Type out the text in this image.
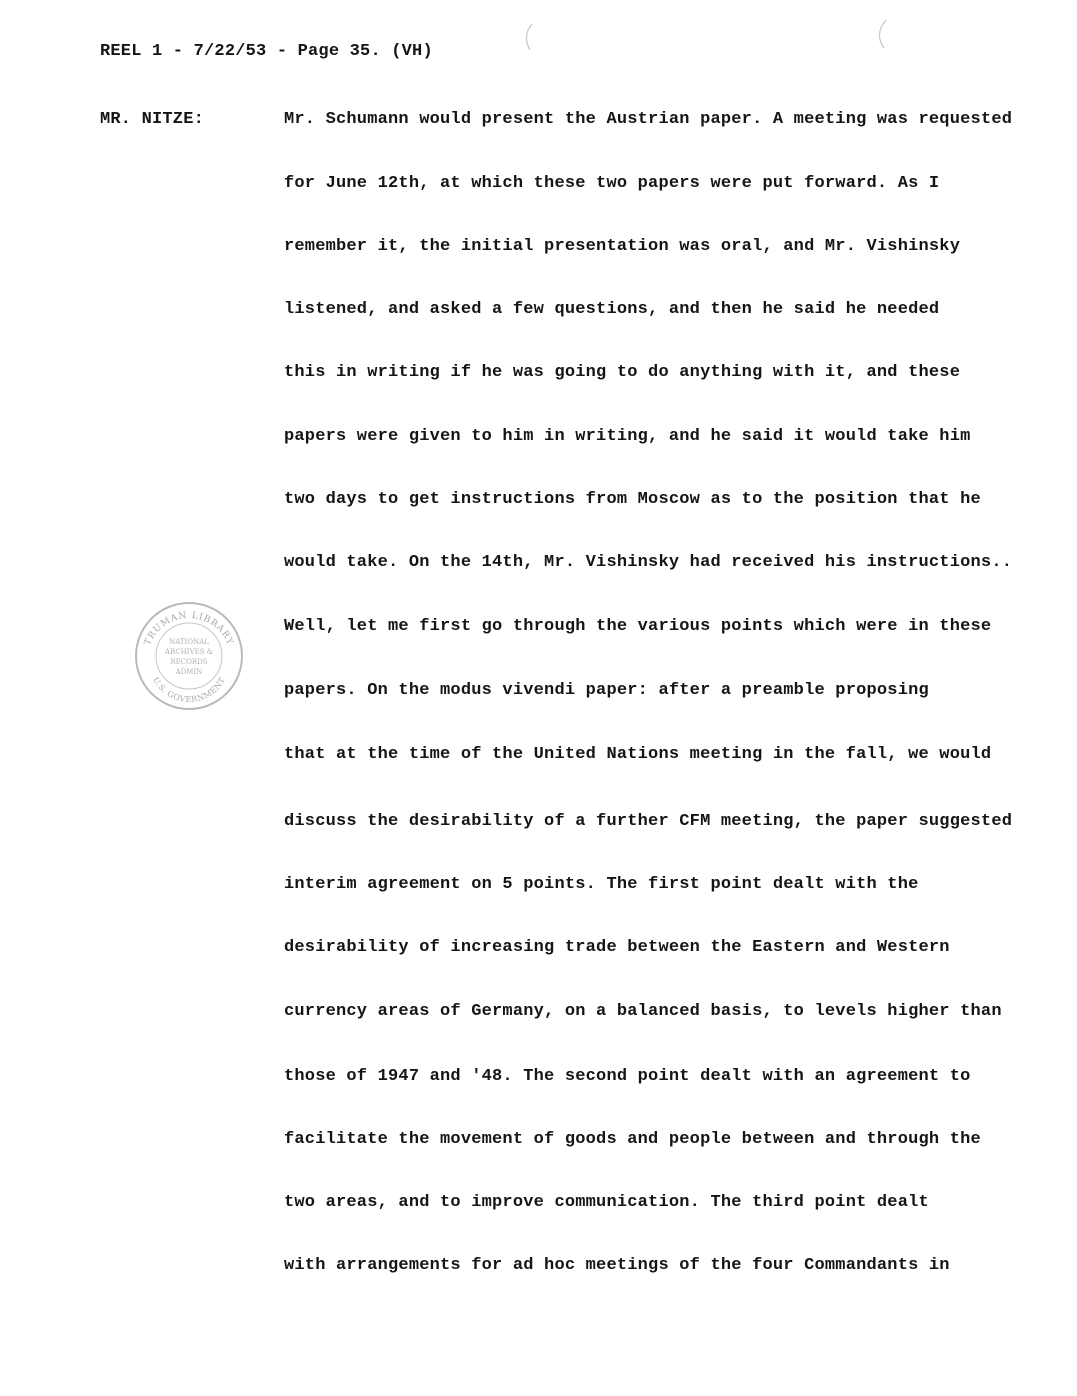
REEL 1 - 7/22/53 - Page 35. (VH)
MR. NITZE:	Mr. Schumann would present the Austrian paper. A meeting was requested
for June 12th, at which these two papers were put forward. As I
remember it, the initial presentation was oral, and Mr. Vishinsky
listened, and asked a few questions, and then he said he needed
this in writing if he was going to do anything with it, and these
papers were given to him in writing, and he said it would take him
two days to get instructions from Moscow as to the position that he
would take. On the 14th, Mr. Vishinsky had received his instructions..
Well, let me first go through the various points which were in these
papers. On the modus vivendi paper: after a preamble proposing
that at the time of the United Nations meeting in the fall, we would
discuss the desirability of a further CFM meeting, the paper suggested
interim agreement on 5 points. The first point dealt with the
desirability of increasing trade between the Eastern and Western
currency areas of Germany, on a balanced basis, to levels higher than
those of 1947 and '48. The second point dealt with an agreement to
facilitate the movement of goods and people between and through the
two areas, and to improve communication. The third point dealt
with arrangements for ad hoc meetings of the four Commandants in
TRUMAN LIBRARY
U.S. GOVERNMENT
NATIONAL
ARCHIVES &
RECORDS
ADMIN
